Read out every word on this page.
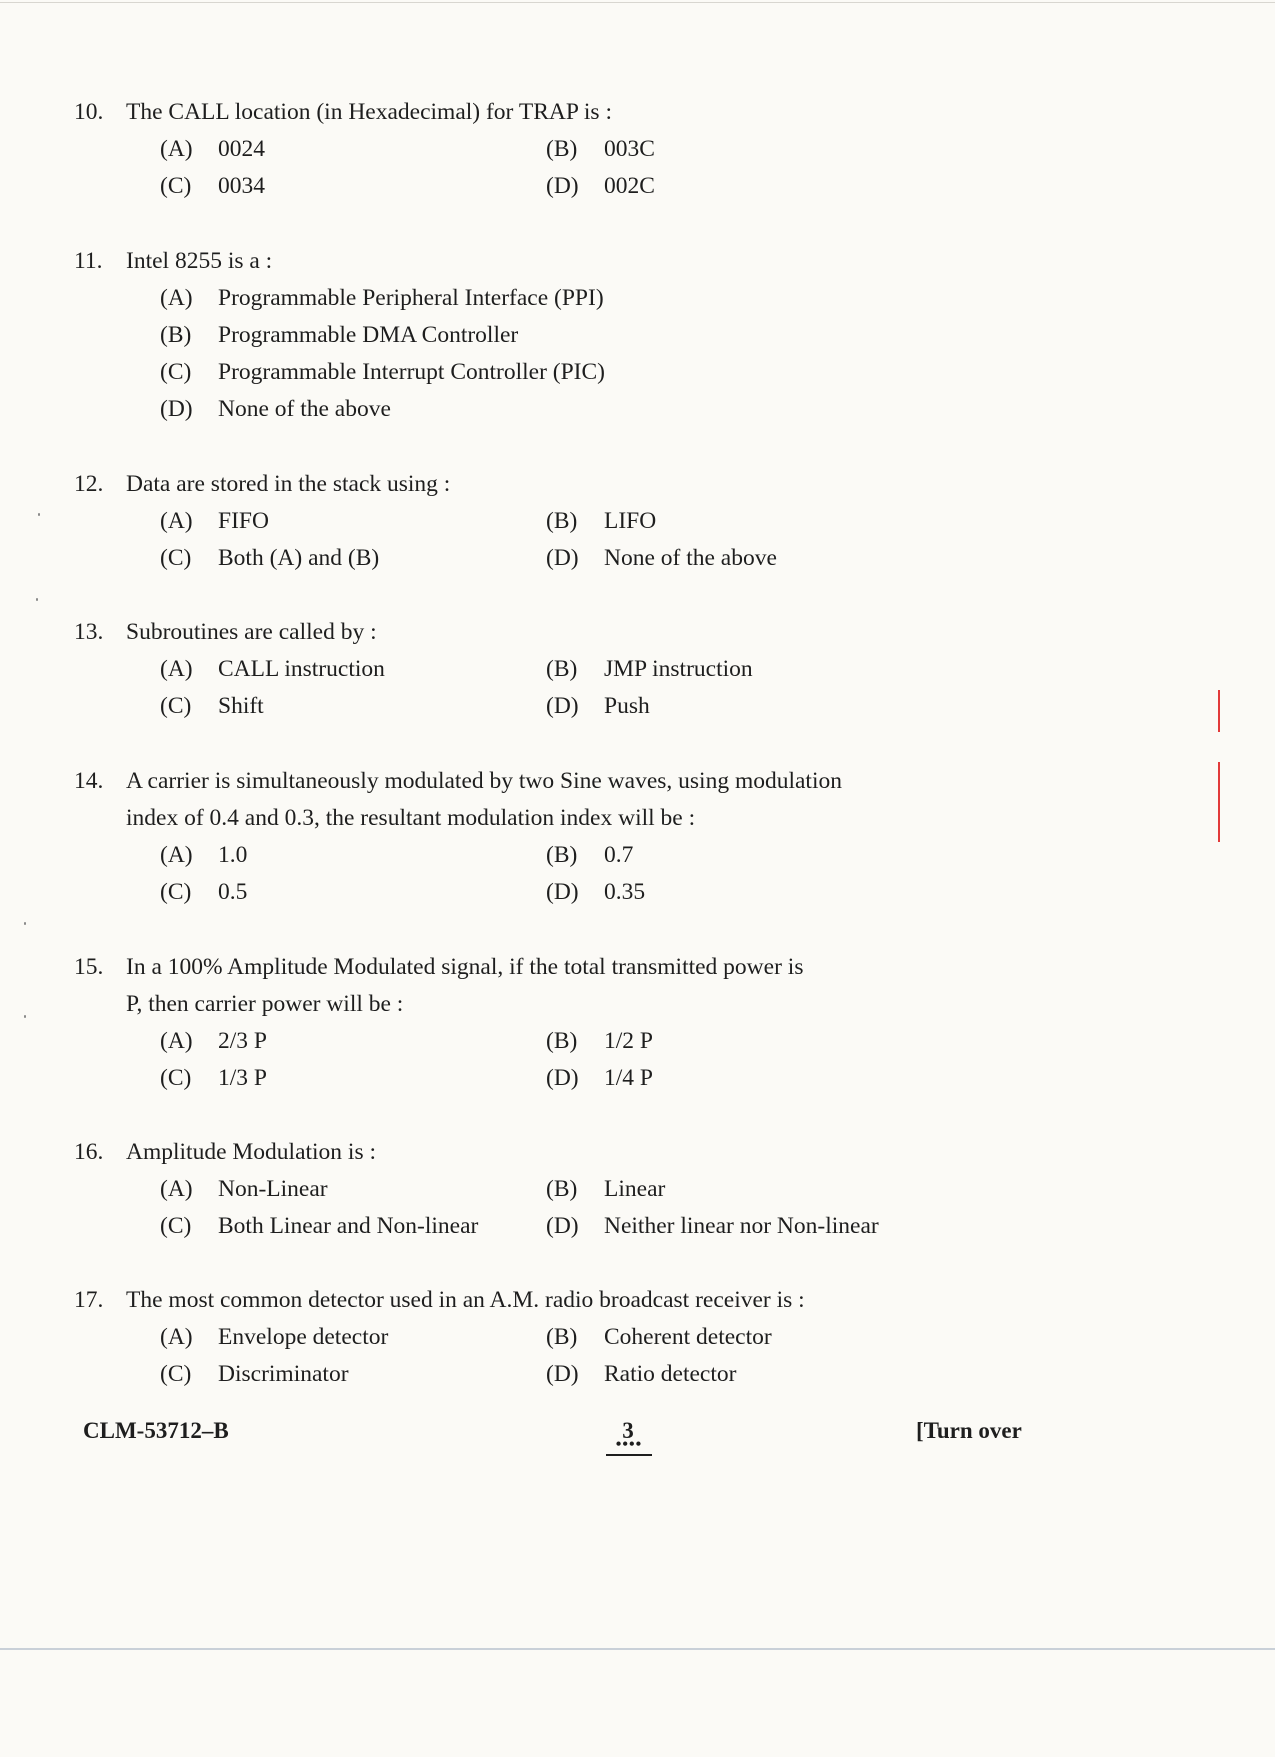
10. The CALL location (in Hexadecimal) for TRAP is :
(A) 0024	(B) 003C
(C) 0034	(D) 002C
11. Intel 8255 is a :
(A) Programmable Peripheral Interface (PPI)
(B) Programmable DMA Controller
(C) Programmable Interrupt Controller (PIC)
(D) None of the above
12. Data are stored in the stack using :
(A) FIFO	(B) LIFO
(C) Both (A) and (B)	(D) None of the above
13. Subroutines are called by :
(A) CALL instruction	(B) JMP instruction
(C) Shift	(D) Push
14. A carrier is simultaneously modulated by two Sine waves, using modulation
index of 0.4 and 0.3, the resultant modulation index will be :
(A) 1.0	(B) 0.7
(C) 0.5	(D) 0.35
15. In a 100% Amplitude Modulated signal, if the total transmitted power is
P, then carrier power will be :
(A) 2/3 P	(B) 1/2 P
(C) 1/3 P	(D) 1/4 P
16. Amplitude Modulation is :
(A) Non-Linear	(B) Linear
(C) Both Linear and Non-linear	(D) Neither linear nor Non-linear
17. The most common detector used in an A.M. radio broadcast receiver is :
(A) Envelope detector	(B) Coherent detector
(C) Discriminator	(D) Ratio detector
CLM-53712–B	3
••••
[Turn over
